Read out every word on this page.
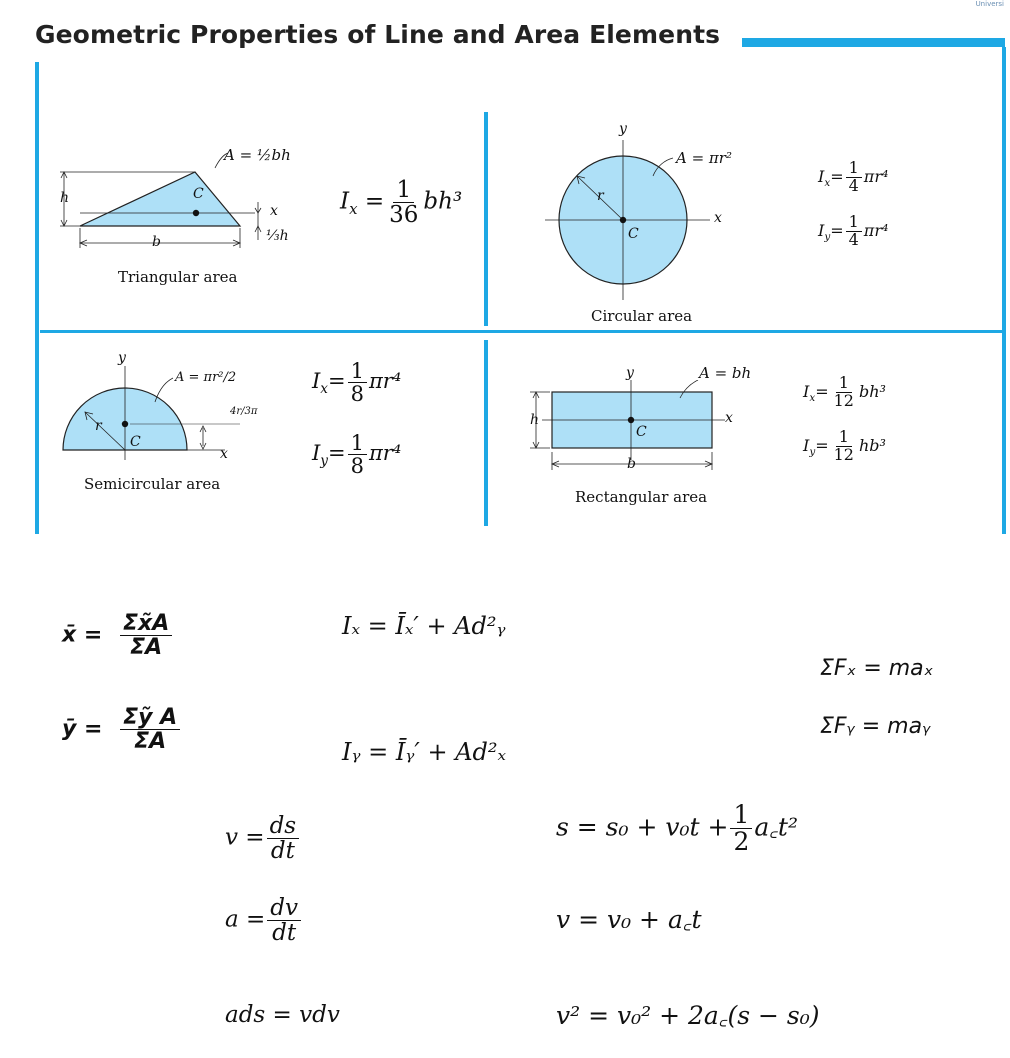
Geometric Properties of Line and Area Elements
Universi
A = ½bh
h
b
C
x
⅓h
Triangular area
$I_x = \frac{1}{36} bh^3$
y
x
r
C
A = πr²
Circular area
$I_x= \frac{1}{4} \pi r^4$
$I_y= \frac{1}{4} \pi r^4$
y
x
r
C
4r/3π
A = πr²/2
Semicircular area
$I_x= \frac{1}{8} \pi r^4$
$I_y= \frac{1}{8} \pi r^4$
y
x
h
b
C
A = bh
Rectangular area
$I_x= \frac{1}{12} bh^3$
$I_y= \frac{1}{12} hb^3$
x̄ = $\frac{\Sigma x̃A}{\Sigma A}$
ȳ = $\frac{\text{Σỹ A}}{\Sigma A}$
Iₓ = Īₓ′ + Ad²ᵧ
Iᵧ = Īᵧ′ + Ad²ₓ
ΣFₓ = maₓ
ΣFᵧ = maᵧ
$v = \frac{ds}{dt}$
$a = \frac{dv}{dt}$
ads = vdv
$s = s_0 + v_0t + \frac{1}{2}$ a꜀t²
v = v₀ + a꜀t
v² = v₀² + 2a꜀(s − s₀)
